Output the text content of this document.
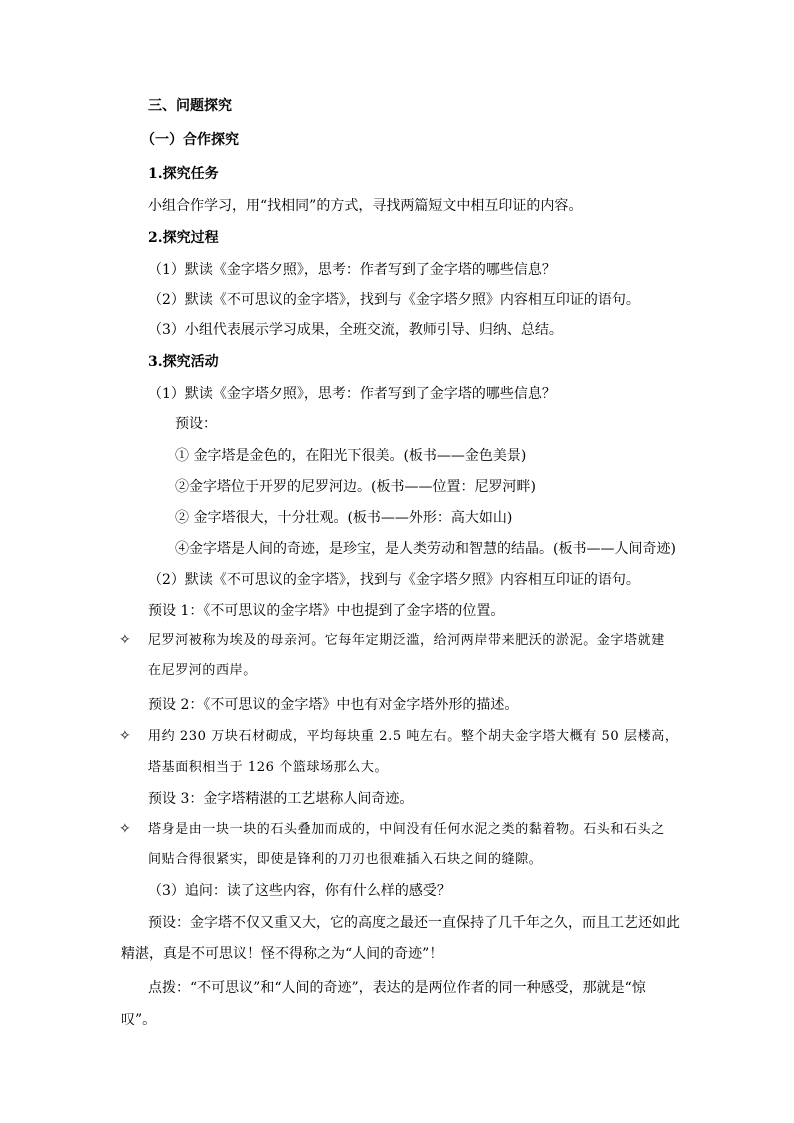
三、问题探究
（一）合作探究
1.探究任务
小组合作学习，用“找相同”的方式，寻找两篇短文中相互印证的内容。
2.探究过程
（1）默读《金字塔夕照》，思考：作者写到了金字塔的哪些信息？
（2）默读《不可思议的金字塔》，找到与《金字塔夕照》内容相互印证的语句。
（3）小组代表展示学习成果，全班交流，教师引导、归纳、总结。
3.探究活动
（1）默读《金字塔夕照》，思考：作者写到了金字塔的哪些信息？
预设：
① 金字塔是金色的，在阳光下很美。(板书——金色美景)
②金字塔位于开罗的尼罗河边。(板书——位置：尼罗河畔)
② 金字塔很大，十分壮观。(板书——外形：高大如山)
④金字塔是人间的奇迹，是珍宝，是人类劳动和智慧的结晶。(板书——人间奇迹)
（2）默读《不可思议的金字塔》，找到与《金字塔夕照》内容相互印证的语句。
预设 1：《不可思议的金字塔》中也提到了金字塔的位置。
✧ 尼罗河被称为埃及的母亲河。它每年定期泛滥，给河两岸带来肥沃的淤泥。金字塔就建
在尼罗河的西岸。
预设 2：《不可思议的金字塔》中也有对金字塔外形的描述。
✧ 用约 230 万块石材砌成，平均每块重 2.5 吨左右。整个胡夫金字塔大概有 50 层楼高，
塔基面积相当于 126 个篮球场那么大。
预设 3：金字塔精湛的工艺堪称人间奇迹。
✧ 塔身是由一块一块的石头叠加而成的，中间没有任何水泥之类的黏着物。石头和石头之
间贴合得很紧实，即使是锋利的刀刃也很难插入石块之间的缝隙。
（3）追问：读了这些内容，你有什么样的感受？
预设：金字塔不仅又重又大，它的高度之最还一直保持了几千年之久，而且工艺还如此
精湛，真是不可思议！怪不得称之为“人间的奇迹”！
点拨：“不可思议”和“人间的奇迹”，表达的是两位作者的同一种感受，那就是“惊
叹”。
